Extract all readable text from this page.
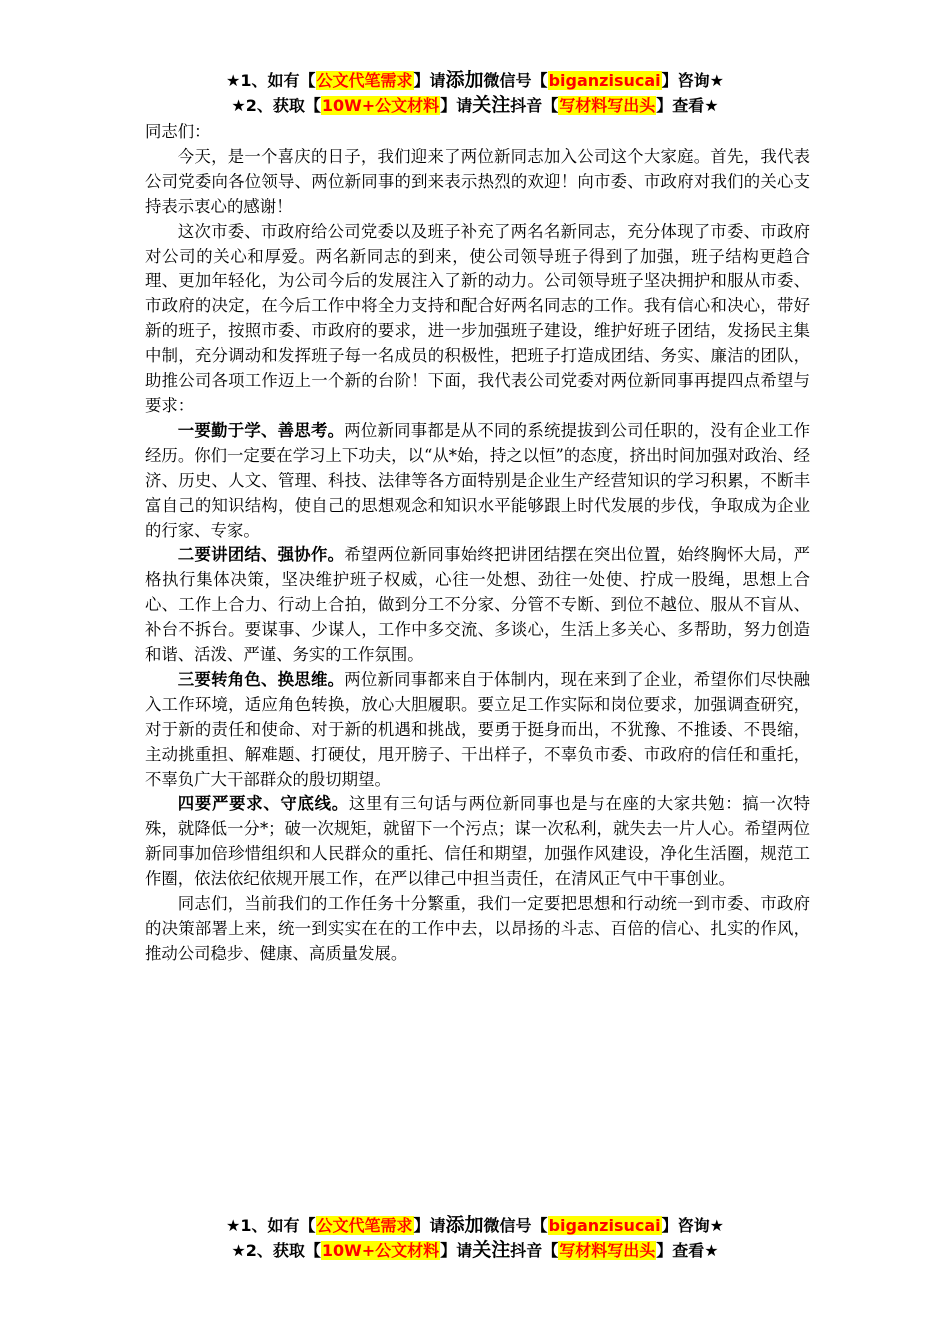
★1、如有【公文代笔需求】请添加微信号【biganzisucai】咨询★
★2、获取【10W+公文材料】请关注抖音【写材料写出头】查看★

同志们：

今天，是一个喜庆的日子，我们迎来了两位新同志加入公司这个大家庭。首先，我代表公司党委向各位领导、两位新同事的到来表示热烈的欢迎！向市委、市政府对我们的关心支持表示衷心的感谢！

这次市委、市政府给公司党委以及班子补充了两名名新同志，充分体现了市委、市政府对公司的关心和厚爱。两名新同志的到来，使公司领导班子得到了加强，班子结构更趋合理、更加年轻化，为公司今后的发展注入了新的动力。公司领导班子坚决拥护和服从市委、市政府的决定，在今后工作中将全力支持和配合好两名同志的工作。我有信心和决心，带好新的班子，按照市委、市政府的要求，进一步加强班子建设，维护好班子团结，发扬民主集中制，充分调动和发挥班子每一名成员的积极性，把班子打造成团结、务实、廉洁的团队，助推公司各项工作迈上一个新的台阶！下面，我代表公司党委对两位新同事再提四点希望与要求：

一要勤于学、善思考。两位新同事都是从不同的系统提拔到公司任职的，没有企业工作经历。你们一定要在学习上下功夫，以“从*始，持之以恒”的态度，挤出时间加强对政治、经济、历史、人文、管理、科技、法律等各方面特别是企业生产经营知识的学习积累，不断丰富自己的知识结构，使自己的思想观念和知识水平能够跟上时代发展的步伐，争取成为企业的行家、专家。

二要讲团结、强协作。希望两位新同事始终把讲团结摆在突出位置，始终胸怀大局，严格执行集体决策，坚决维护班子权威，心往一处想、劲往一处使、拧成一股绳，思想上合心、工作上合力、行动上合拍，做到分工不分家、分管不专断、到位不越位、服从不盲从、补台不拆台。要谋事、少谋人，工作中多交流、多谈心，生活上多关心、多帮助，努力创造和谐、活泼、严谨、务实的工作氛围。

三要转角色、换思维。两位新同事都来自于体制内，现在来到了企业，希望你们尽快融入工作环境，适应角色转换，放心大胆履职。要立足工作实际和岗位要求，加强调查研究，对于新的责任和使命、对于新的机遇和挑战，要勇于挺身而出，不犹豫、不推诿、不畏缩，主动挑重担、解难题、打硬仗，甩开膀子、干出样子，不辜负市委、市政府的信任和重托，不辜负广大干部群众的殷切期望。

四要严要求、守底线。这里有三句话与两位新同事也是与在座的大家共勉：搞一次特殊，就降低一分*；破一次规矩，就留下一个污点；谋一次私利，就失去一片人心。希望两位新同事加倍珍惜组织和人民群众的重托、信任和期望，加强作风建设，净化生活圈，规范工作圈，依法依纪依规开展工作，在严以律己中担当责任，在清风正气中干事创业。

同志们，当前我们的工作任务十分繁重，我们一定要把思想和行动统一到市委、市政府的决策部署上来，统一到实实在在的工作中去，以昂扬的斗志、百倍的信心、扎实的作风，推动公司稳步、健康、高质量发展。

★1、如有【公文代笔需求】请添加微信号【biganzisucai】咨询★
★2、获取【10W+公文材料】请关注抖音【写材料写出头】查看★
